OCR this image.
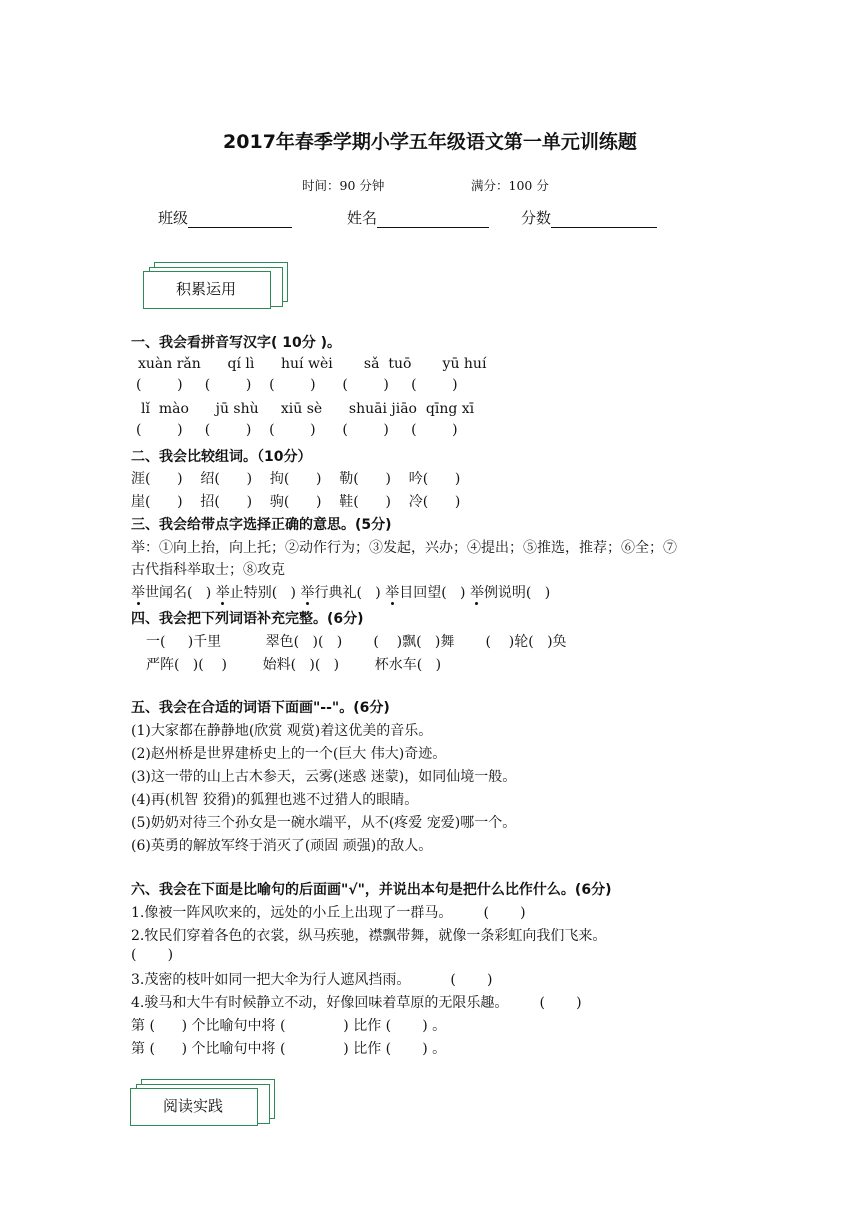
2017年春季学期小学五年级语文第一单元训练题
时间：90 分钟	满分：100 分
班级	姓名	分数
积累运用
一、我会看拼音写汉字( 10分 )。
xuàn rǎn      qí lì      huí wèi       sǎ  tuō       yū huí
(        )     (        )    (        )      (        )     (        )
lǐ  mào      jū shù     xiū sè      shuāi jiāo  qīng xī
(        )     (        )    (        )      (        )     (        )
二、我会比较组词。（10分）
涯(      )    绍(      )    拘(      )    勒(      )    吟(      )
崖(      )    招(      )    驹(      )    鞋(      )    冷(      )
三、我会给带点字选择正确的意思。(5分)
举：①向上抬，向上托；②动作行为；③发起，兴办；④提出；⑤推选，推荐；⑥全；⑦
古代指科举取士；⑧攻克
举世闻名(   ) 举止特别(   ) 举行典礼(   ) 举目回望(   ) 举例说明(   )
四、我会把下列词语补充完整。(6分)
一(     )千里          翠色(   )(   )       (    )飘(   )舞       (    )轮(   )奂
严阵(   )(    )        始料(   )(   )        杯水车(   )
五、我会在合适的词语下面画"--"。(6分)
(1)大家都在静静地(欣赏 观赏)着这优美的音乐。
(2)赵州桥是世界建桥史上的一个(巨大 伟大)奇迹。
(3)这一带的山上古木参天，云雾(迷惑 迷蒙)，如同仙境一般。
(4)再(机智 狡猾)的狐狸也逃不过猎人的眼睛。
(5)奶奶对待三个孙女是一碗水端平，从不(疼爱 宠爱)哪一个。
(6)英勇的解放军终于消灭了(顽固 顽强)的敌人。
六、我会在下面是比喻句的后面画"√"，并说出本句是把什么比作什么。(6分)
1.像被一阵风吹来的，远处的小丘上出现了一群马。       (       )
2.牧民们穿着各色的衣裳，纵马疾驰，襟飘带舞，就像一条彩虹向我们飞来。
(       )
3.茂密的枝叶如同一把大伞为行人遮风挡雨。         (       )
4.骏马和大牛有时候静立不动，好像回味着草原的无限乐趣。       (       )
第 (      ) 个比喻句中将 (             ) 比作 (       ) 。
第 (      ) 个比喻句中将 (             ) 比作 (       ) 。
阅读实践
